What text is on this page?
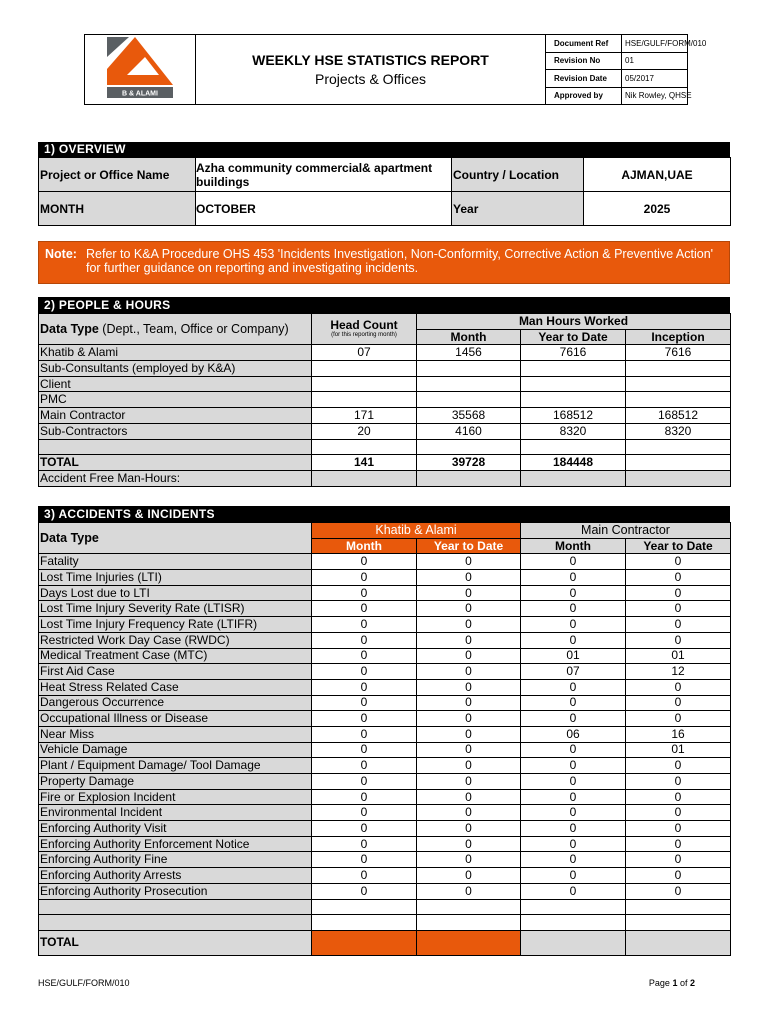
B & ALAMI	WEEKLY HSE STATISTICS REPORT
Projects & Offices	Document Ref	HSE/GULF/FORM/010
		Revision No	01
		Revision Date	05/2017
		Approved by	Nik Rowley, QHSE
1) OVERVIEW
Project or Office Name	Azha community commercial& apartment buildings	Country / Location	AJMAN,UAE
MONTH	OCTOBER	Year	2025
Note: Refer to K&A Procedure OHS 453 'Incidents Investigation, Non-Conformity, Corrective Action & Preventive Action' for further guidance on reporting and investigating incidents.
2) PEOPLE & HOURS
Data Type (Dept., Team, Office or Company)	Head Count
(for this reporting month)	Man Hours Worked		
		Month	Year to Date	Inception
Khatib & Alami	07	1456	7616	7616
Sub-Consultants (employed by K&A)				
Client				
PMC				
Main Contractor	171	35568	168512	168512
Sub-Contractors	20	4160	8320	8320

TOTAL	141	39728	184448	
Accident Free Man-Hours:				
3) ACCIDENTS & INCIDENTS
Data Type	Khatib & Alami		Main Contractor	
	Month	Year to Date	Month	Year to Date
Fatality	0	0	0	0
Lost Time Injuries (LTI)	0	0	0	0
Days Lost due to LTI	0	0	0	0
Lost Time Injury Severity Rate (LTISR)	0	0	0	0
Lost Time Injury Frequency Rate (LTIFR)	0	0	0	0
Restricted Work Day Case (RWDC)	0	0	0	0
Medical Treatment Case (MTC)	0	0	01	01
First Aid Case	0	0	07	12
Heat Stress Related Case	0	0	0	0
Dangerous Occurrence	0	0	0	0
Occupational Illness or Disease	0	0	0	0
Near Miss	0	0	06	16
Vehicle Damage	0	0	0	01
Plant / Equipment Damage/ Tool Damage	0	0	0	0
Property Damage	0	0	0	0
Fire or Explosion Incident	0	0	0	0
Environmental Incident	0	0	0	0
Enforcing Authority Visit	0	0	0	0
Enforcing Authority Enforcement Notice	0	0	0	0
Enforcing Authority Fine	0	0	0	0
Enforcing Authority Arrests	0	0	0	0
Enforcing Authority Prosecution	0	0	0	0

TOTAL				
HSE/GULF/FORM/010	Page 1 of 2
